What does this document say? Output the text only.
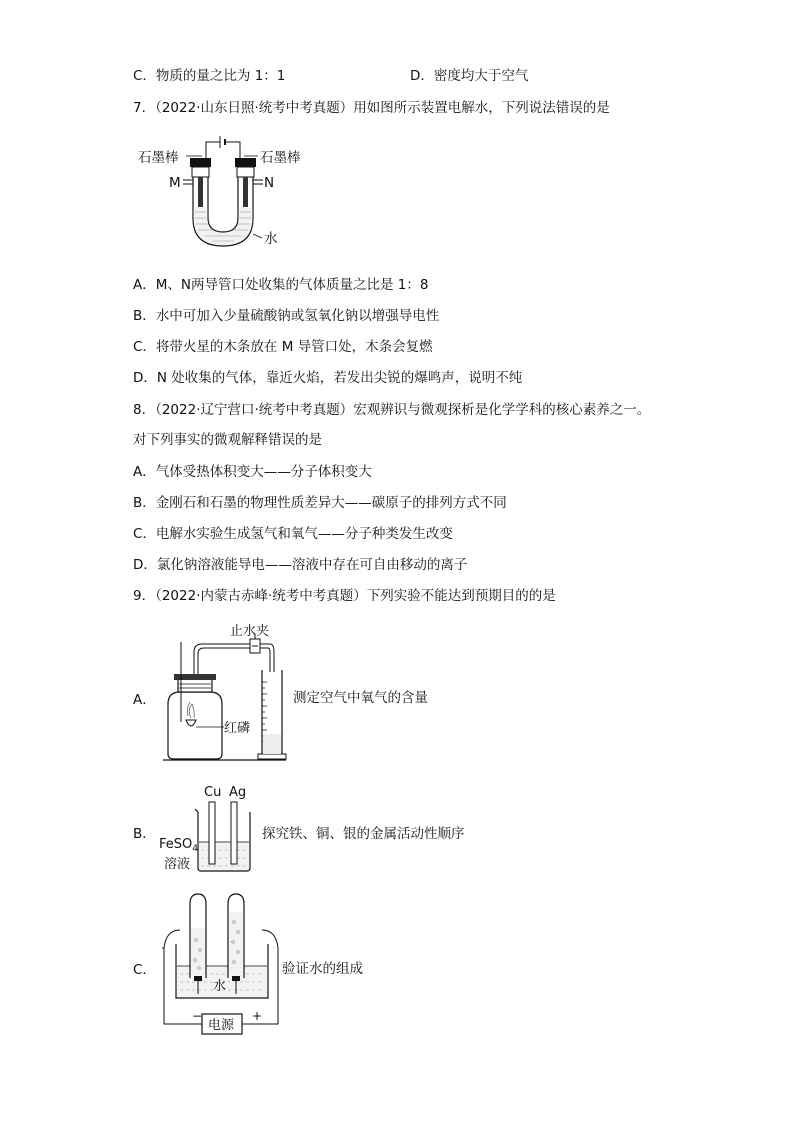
C．物质的量之比为 1：1	D．密度均大于空气
7．（2022·山东日照·统考中考真题）用如图所示装置电解水，下列说法错误的是
石墨棒	石墨棒
M	N
水
A．M、N两导管口处收集的气体质量之比是 1：8
B．水中可加入少量硫酸钠或氢氧化钠以增强导电性
C．将带火星的木条放在 M 导管口处，木条会复燃
D．N 处收集的气体，靠近火焰，若发出尖锐的爆鸣声，说明不纯
8．（2022·辽宁营口·统考中考真题）宏观辨识与微观探析是化学学科的核心素养之一。
对下列事实的微观解释错误的是
A．气体受热体积变大——分子体积变大
B．金刚石和石墨的物理性质差异大——碳原子的排列方式不同
C．电解水实验生成氢气和氧气——分子种类发生改变
D．氯化钠溶液能导电——溶液中存在可自由移动的离子
9．（2022·内蒙古赤峰·统考中考真题）下列实验不能达到预期目的的是
A．
止水夹
红磷
测定空气中氧气的含量
B．
Cu Ag
FeSO$_4$
溶液
探究铁、铜、银的金属活动性顺序
C．
电源
−	+
水
验证水的组成
